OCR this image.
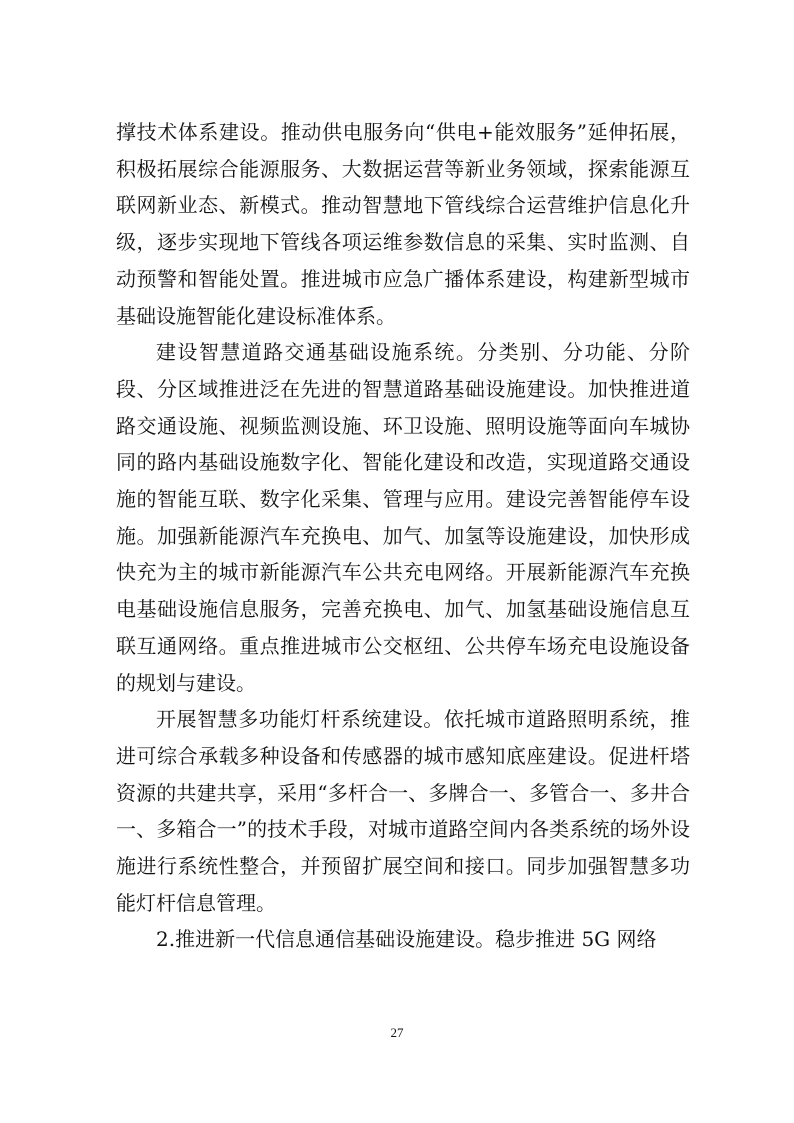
撑技术体系建设。推动供电服务向“供电+能效服务”延伸拓展，积极拓展综合能源服务、大数据运营等新业务领域，探索能源互联网新业态、新模式。推动智慧地下管线综合运营维护信息化升级，逐步实现地下管线各项运维参数信息的采集、实时监测、自动预警和智能处置。推进城市应急广播体系建设，构建新型城市基础设施智能化建设标准体系。

建设智慧道路交通基础设施系统。分类别、分功能、分阶段、分区域推进泛在先进的智慧道路基础设施建设。加快推进道路交通设施、视频监测设施、环卫设施、照明设施等面向车城协同的路内基础设施数字化、智能化建设和改造，实现道路交通设施的智能互联、数字化采集、管理与应用。建设完善智能停车设施。加强新能源汽车充换电、加气、加氢等设施建设，加快形成快充为主的城市新能源汽车公共充电网络。开展新能源汽车充换电基础设施信息服务，完善充换电、加气、加氢基础设施信息互联互通网络。重点推进城市公交枢纽、公共停车场充电设施设备的规划与建设。

开展智慧多功能灯杆系统建设。依托城市道路照明系统，推进可综合承载多种设备和传感器的城市感知底座建设。促进杆塔资源的共建共享，采用“多杆合一、多牌合一、多管合一、多井合一、多箱合一”的技术手段，对城市道路空间内各类系统的场外设施进行系统性整合，并预留扩展空间和接口。同步加强智慧多功能灯杆信息管理。

2.推进新一代信息通信基础设施建设。稳步推进 5G 网络

27
